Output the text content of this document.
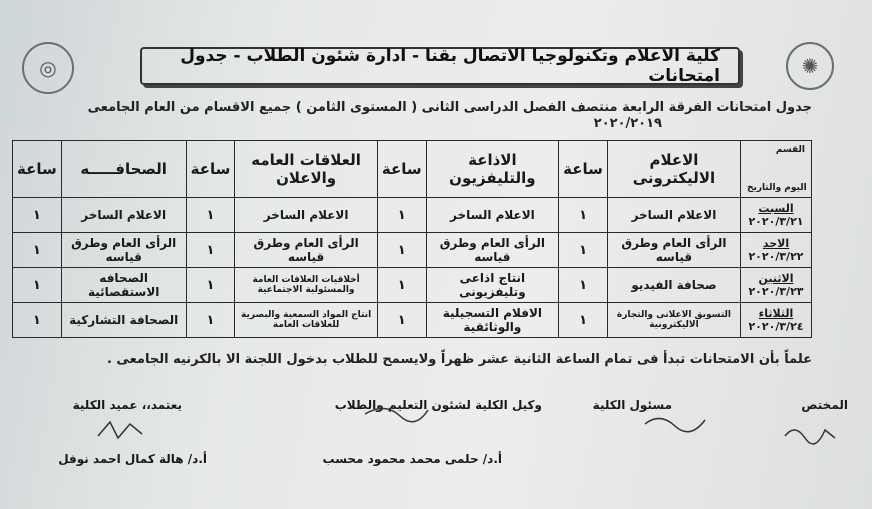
✺
◎	كلية الاعلام وتكنولوجيا الاتصال بقنا - ادارة شئون الطلاب - جدول امتحانات
جدول امتحانات الفرقة الرابعة منتصف الفصل الدراسى الثانى ( المستوى الثامن ) جميع الاقسام من العام الجامعى
٢٠٢٠/٢٠١٩
القسم
اليوم والتاريخ	الاعلام الاليكترونى	ساعة	الاذاعة والتليفزيون	ساعة	العلاقات العامه والاعلان	ساعة	الصحافـــــه	ساعة

السبت
٢٠٢٠/٣/٢١	الاعلام الساخر	١	الاعلام الساخر	١	الاعلام الساخر	١	الاعلام الساخر	١

الاحد
٢٠٢٠/٣/٢٢	الرأى العام وطرق قياسه	١	الرأى العام وطرق قياسه	١	الرأى العام وطرق قياسه	١	الرأى العام وطرق قياسه	١

الاثنين
٢٠٢٠/٣/٢٣	صحافة الفيديو	١	انتاج اذاعى وتليفزيونى	١	أخلاقيات العلاقات العامة والمسئولية الاجتماعية	١	الصحافه الاستقصائية	١

الثلاثاء
٢٠٢٠/٣/٢٤	التسويق الاعلانى والتجارة الاليكترونية	١	الافلام التسجيلية والوثائقية	١	انتاج المواد السمعية والبصرية للعلاقات العامة	١	الصحافة التشاركية	١
علماً بأن الامتحانات تبدأ فى تمام الساعة الثانية عشر ظهراً ولايسمح للطلاب بدخول اللجنة الا بالكرنيه الجامعى .
المختص
مسئول الكلية
وكيل الكلية لشئون التعليم والطلاب
يعتمد،، عميد الكلية
أ.د/ حلمى محمد محمود محسب
أ.د/ هالة كمال احمد نوفل
